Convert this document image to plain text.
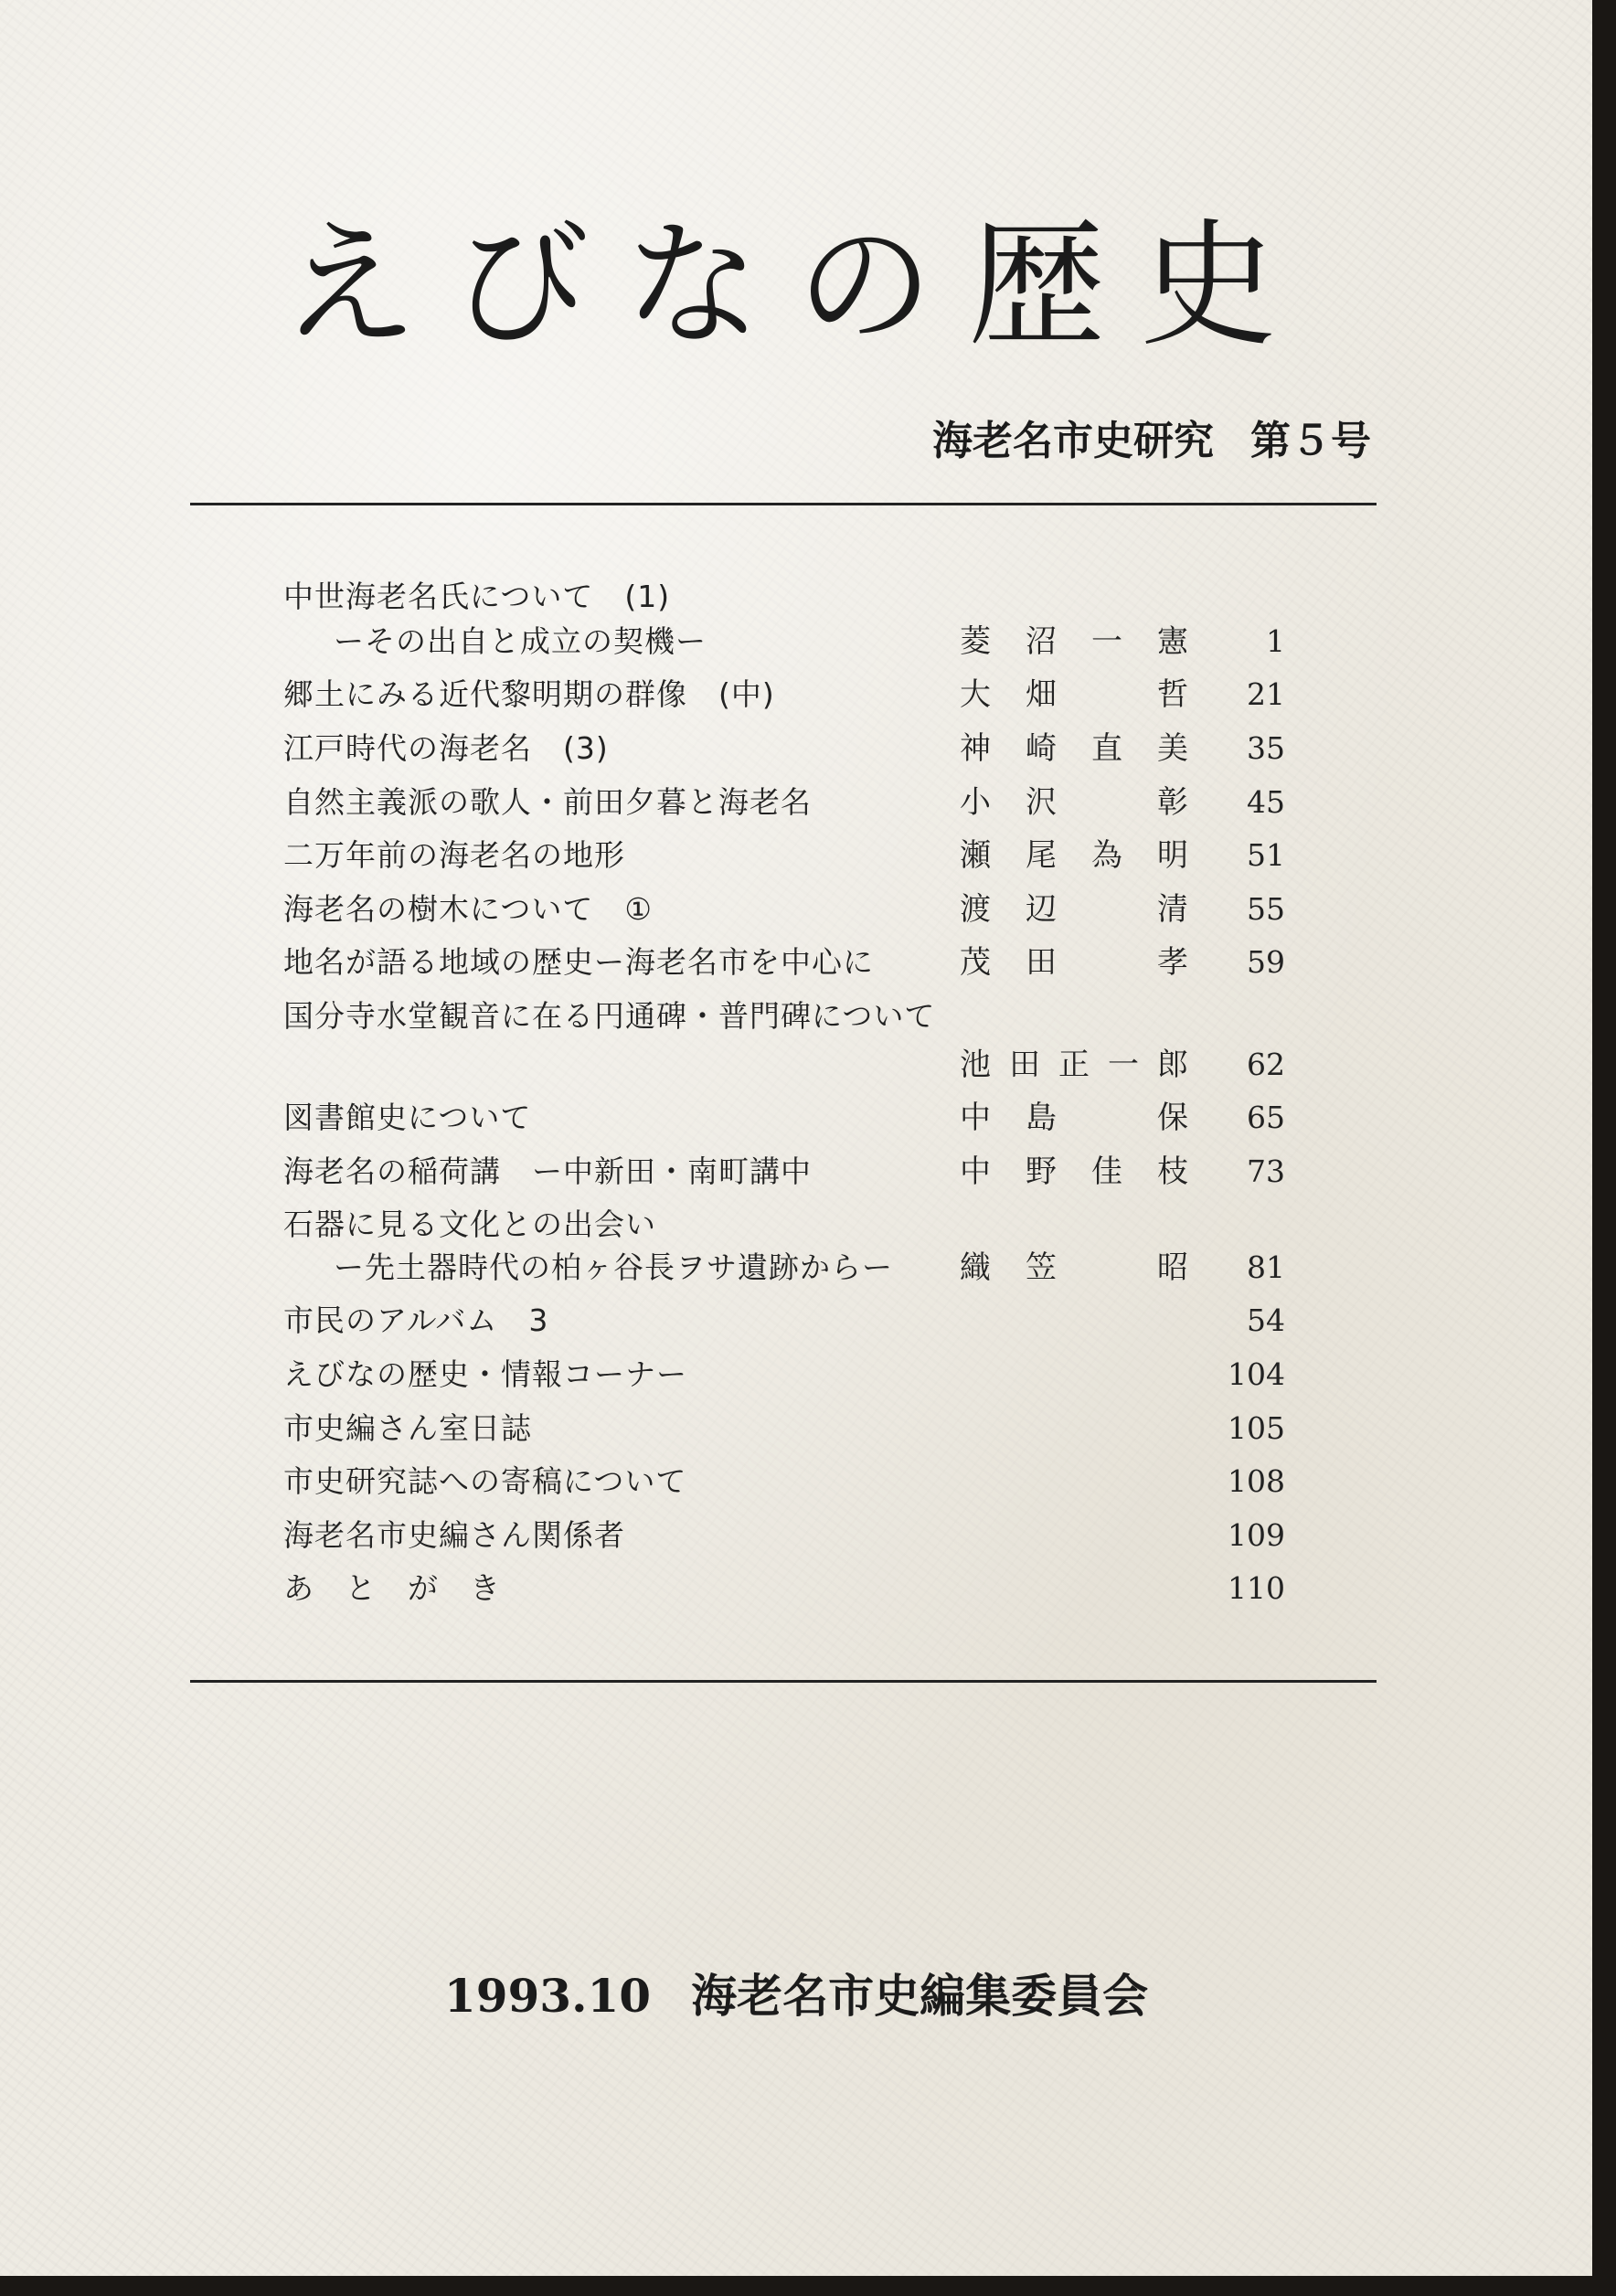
えびなの歴史
海老名市史研究 第５号
中世海老名氏について　(1)
ーその出自と成立の契機ー	菱沼一憲	1
郷土にみる近代黎明期の群像　(中)	大畑　哲	21
江戸時代の海老名　(3)	神崎直美	35
自然主義派の歌人・前田夕暮と海老名	小沢　彰	45
二万年前の海老名の地形	瀬尾為明	51
海老名の樹木について　①	渡辺　清	55
地名が語る地域の歴史ー海老名市を中心に	茂田　孝	59
国分寺水堂観音に在る円通碑・普門碑について
池田正一郎	62
図書館史について	中島　保	65
海老名の稲荷講　ー中新田・南町講中	中野佳枝	73
石器に見る文化との出会い
ー先土器時代の柏ヶ谷長ヲサ遺跡からー 織笠　昭	81
市民のアルバム　3	54
えびなの歴史・情報コーナー	104
市史編さん室日誌	105
市史研究誌への寄稿について	108
海老名市史編さん関係者	109
あ　と　が　き	110
1993.10 海老名市史編集委員会
